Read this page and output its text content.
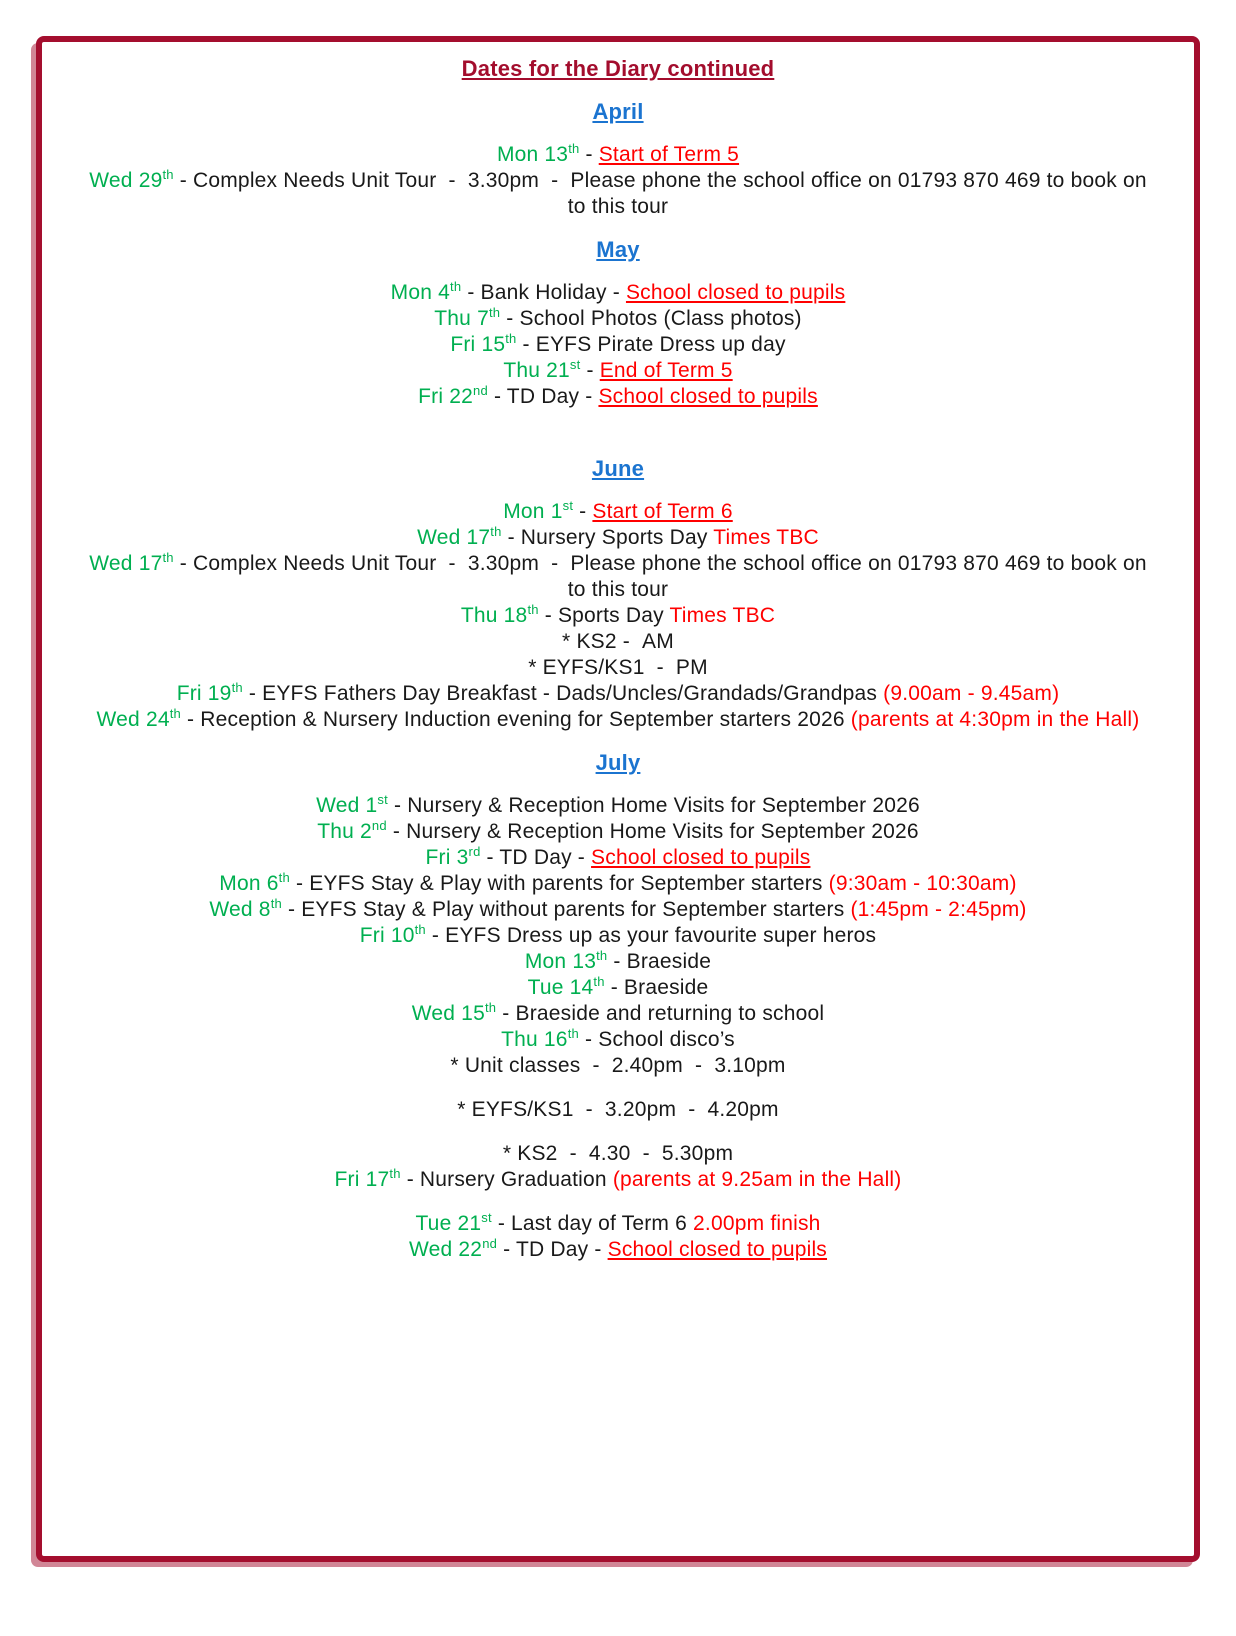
Dates for the Diary continued
April
Mon 13th - Start of Term 5
Wed 29th - Complex Needs Unit Tour  -  3.30pm  -  Please phone the school office on 01793 870 469 to book on to this tour
May
Mon 4th - Bank Holiday - School closed to pupils
Thu 7th - School Photos (Class photos)
Fri 15th - EYFS Pirate Dress up day
Thu 21st - End of Term 5
Fri 22nd - TD Day - School closed to pupils
June
Mon 1st - Start of Term 6
Wed 17th - Nursery Sports Day Times TBC
Wed 17th - Complex Needs Unit Tour  -  3.30pm  -  Please phone the school office on 01793 870 469 to book on to this tour
Thu 18th - Sports Day Times TBC
* KS2 -  AM
* EYFS/KS1  -  PM
Fri 19th - EYFS Fathers Day Breakfast - Dads/Uncles/Grandads/Grandpas (9.00am - 9.45am)
Wed 24th - Reception & Nursery Induction evening for September starters 2026 (parents at 4:30pm in the Hall)
July
Wed 1st - Nursery & Reception Home Visits for September 2026
Thu 2nd - Nursery & Reception Home Visits for September 2026
Fri 3rd - TD Day - School closed to pupils
Mon 6th - EYFS Stay & Play with parents for September starters (9:30am - 10:30am)
Wed 8th - EYFS Stay & Play without parents for September starters (1:45pm - 2:45pm)
Fri 10th - EYFS Dress up as your favourite super heros
Mon 13th - Braeside
Tue 14th - Braeside
Wed 15th - Braeside and returning to school
Thu 16th - School disco’s
* Unit classes  -  2.40pm  -  3.10pm
* EYFS/KS1  -  3.20pm  -  4.20pm
* KS2  -  4.30  -  5.30pm
Fri 17th - Nursery Graduation (parents at 9.25am in the Hall)
Tue 21st - Last day of Term 6 2.00pm finish
Wed 22nd - TD Day - School closed to pupils
